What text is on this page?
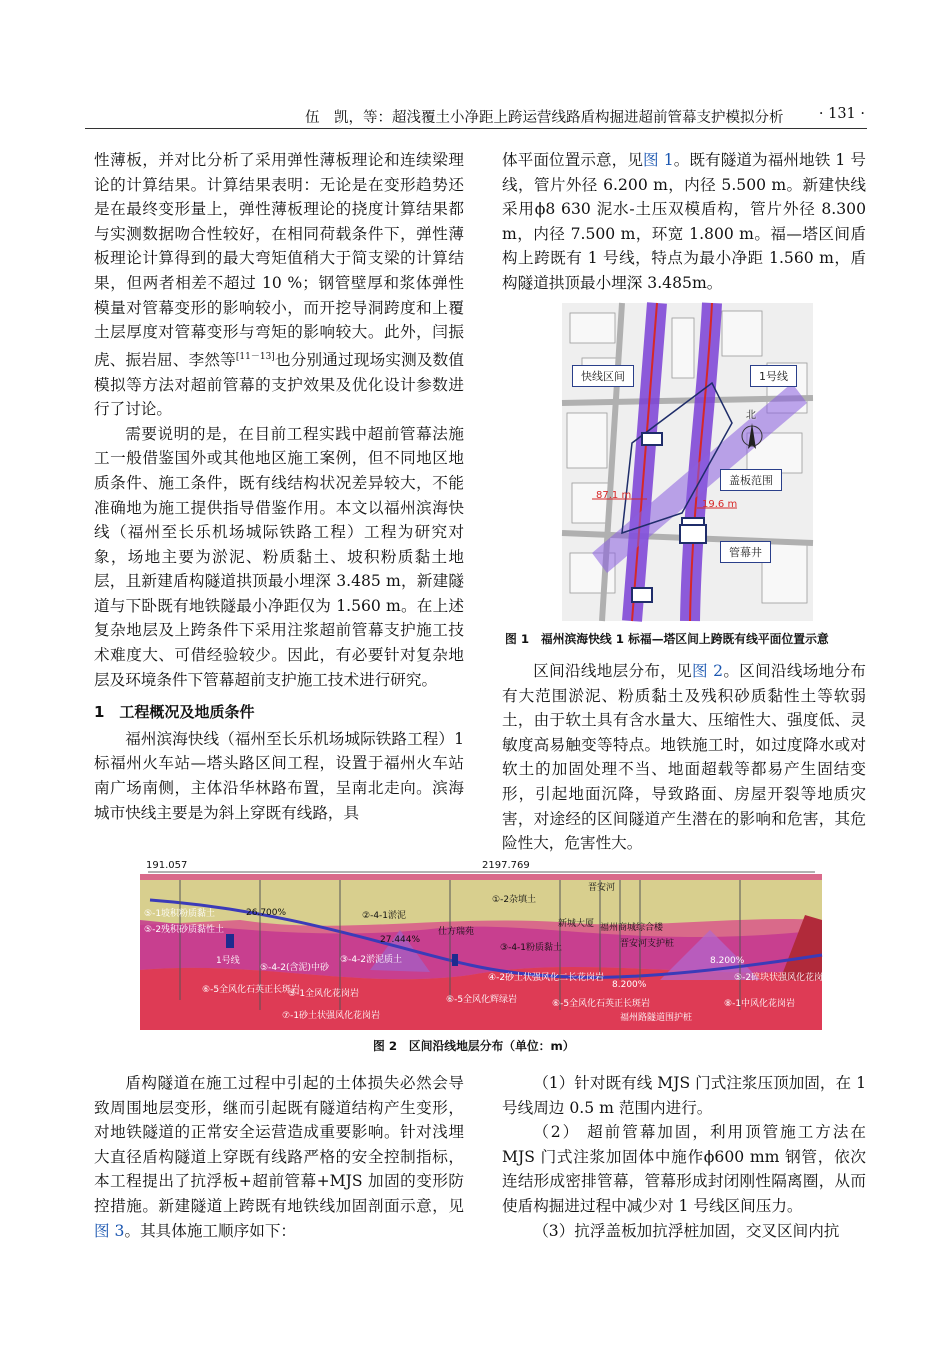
伍　凯，等：超浅覆土小净距上跨运营线路盾构掘进超前管幕支护模拟分析 · 131 ·

性薄板，并对比分析了采用弹性薄板理论和连续梁理论的计算结果。计算结果表明：无论是在变形趋势还是在最终变形量上，弹性薄板理论的挠度计算结果都与实测数据吻合性较好，在相同荷载条件下，弹性薄板理论计算得到的最大弯矩值稍大于简支梁的计算结果，但两者相差不超过 10 %；钢管壁厚和浆体弹性模量对管幕变形的影响较小，而开挖导洞跨度和上覆土层厚度对管幕变形与弯矩的影响较大。此外，闫振虎、振岩屈、李然等[11－13]也分别通过现场实测及数值模拟等方法对超前管幕的支护效果及优化设计参数进行了讨论。

需要说明的是，在目前工程实践中超前管幕法施工一般借鉴国外或其他地区施工案例，但不同地区地质条件、施工条件，既有线结构状况差异较大，不能准确地为施工提供指导借鉴作用。本文以福州滨海快线（福州至长乐机场城际铁路工程）工程为研究对象，场地主要为淤泥、粉质黏土、坡积粉质黏土地层，且新建盾构隧道拱顶最小埋深 3.485 m，新建隧道与下卧既有地铁隧最小净距仅为 1.560 m。在上述复杂地层及上跨条件下采用注浆超前管幕支护施工技术难度大、可借经验较少。因此，有必要针对复杂地层及环境条件下管幕超前支护施工技术进行研究。

1　工程概况及地质条件

福州滨海快线（福州至长乐机场城际铁路工程）1 标福州火车站—塔头路区间工程，设置于福州火车站南广场南侧，主体沿华林路布置，呈南北走向。滨海城市快线主要是为斜上穿既有线路，具

体平面位置示意，见图 1。既有隧道为福州地铁 1 号线，管片外径 6.200 m，内径 5.500 m。新建快线采用ϕ8 630 泥水-土压双模盾构，管片外径 8.300 m，内径 7.500 m，环宽 1.800 m。福—塔区间盾构上跨既有 1 号线，特点为最小净距 1.560 m，盾构隧道拱顶最小埋深 3.485m。

快线区间	1号线
北
盖板范围
管幕井
87.1 m
19.6 m
图 1　福州滨海快线 1 标福—塔区间上跨既有线平面位置示意

区间沿线地层分布，见图 2。区间沿线场地分布有大范围淤泥、粉质黏土及残积砂质黏性土等软弱土，由于软土具有含水量大、压缩性大、强度低、灵敏度高易触变等特点。地铁施工时，如过度降水或对软土的加固处理不当、地面超载等都易产生固结变形，引起地面沉降，导致路面、房屋开裂等地质灾害，对途经的区间隧道产生潜在的影响和危害，其危险性大，危害性大。

191.057	2197.769
晋安河
①-2杂填土
⑤-1坡积粉质黏土	②-4-1淤泥
26.700%
⑤-2残积砂质黏性土
新城大厦 福州商城综合楼
仕方瑞苑
27.444%
③-4-1粉质黏土	晋安河支护桩
1号线
⑤-4-2(含泥)中砂
③-4-2淤泥质土
④-2砂土状强风化二长花岗岩
⑥-5全风化石英正长斑岩
⑤-1全风化花岗岩
⑥-5全风化辉绿岩
8.200%
8.200%
⑤-2碎块状强风化花岗岩
⑦-1砂土状强风化花岗岩
⑥-5全风化石英正长斑岩
福州路隧道围护桩
⑧-1中风化花岗岩
图 2　区间沿线地层分布（单位：m）

盾构隧道在施工过程中引起的土体损失必然会导致周围地层变形，继而引起既有隧道结构产生变形，对地铁隧道的正常安全运营造成重要影响。针对浅埋大直径盾构隧道上穿既有线路严格的安全控制指标，本工程提出了抗浮板+超前管幕+MJS 加固的变形防控措施。新建隧道上跨既有地铁线加固剖面示意，见图 3。其具体施工顺序如下：

（1）针对既有线 MJS 门式注浆压顶加固，在 1 号线周边 0.5 m 范围内进行。

（2） 超前管幕加固，利用顶管施工方法在 MJS 门式注浆加固体中施作ϕ600 mm 钢管，依次连结形成密排管幕，管幕形成封闭刚性隔离圈，从而使盾构掘进过程中减少对 1 号线区间压力。

（3）抗浮盖板加抗浮桩加固，交叉区间内抗
